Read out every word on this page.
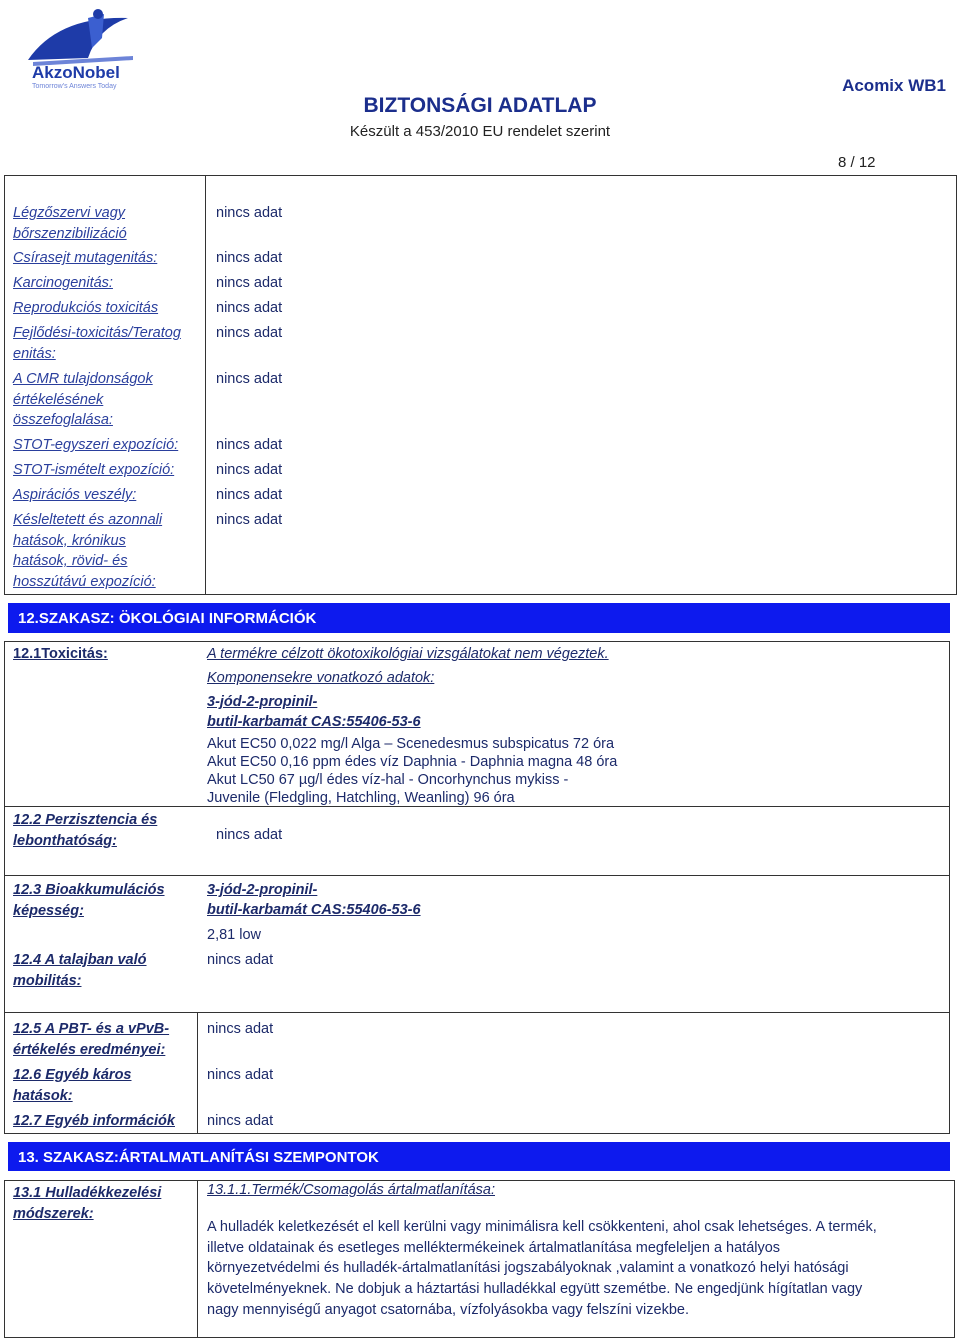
AkzoNobel
Tomorrow's Answers Today
BIZTONSÁGI ADATLAP
Készült a 453/2010 EU rendelet szerint
Acomix WB1
8 / 12
Légzőszervi vagy bőrszenzibilizáció
nincs adat
Csírasejt mutagenitás:	nincs adat
Karcinogenitás:	nincs adat
Reprodukciós toxicitás	nincs adat
Fejlődési-toxicitás/Teratogenitás:
nincs adat
A CMR tulajdonságok értékelésének összefoglalása:
nincs adat
STOT-egyszeri expozíció:	nincs adat
STOT-ismételt expozíció:	nincs adat
Aspirációs veszély:	nincs adat
Késleltetett és azonnali hatások, krónikus hatások, rövid- és hosszútávú expozíció:
nincs adat
12.SZAKASZ: ÖKOLÓGIAI INFORMÁCIÓK
12.1Toxicitás:	A termékre célzott ökotoxikológiai vizsgálatokat nem végeztek.
Komponensekre vonatkozó adatok:
3-jód-2-propinil-
butil-karbamát CAS:55406-53-6
Akut EC50 0,022 mg/l Alga – Scenedesmus subspicatus 72 óra
Akut EC50 0,16 ppm édes víz Daphnia - Daphnia magna 48 óra
Akut LC50 67 µg/l édes víz-hal - Oncorhynchus mykiss -
Juvenile (Fledgling, Hatchling, Weanling) 96 óra
12.2 Perzisztencia és
lebonthatóság:	nincs adat
12.3 Bioakkumulációs
képesség:
3-jód-2-propinil-
butil-karbamát CAS:55406-53-6
2,81 low
12.4 A talajban való
mobilitás:
nincs adat
12.5 A PBT- és a vPvB-
értékelés eredményei:
nincs adat
12.6 Egyéb káros
hatások:
nincs adat
12.7 Egyéb információk nincs adat
13. SZAKASZ:ÁRTALMATLANÍTÁSI SZEMPONTOK
13.1 Hulladékkezelési
módszerek:
13.1.1.Termék/Csomagolás ártalmatlanítása:
A hulladék keletkezését el kell kerülni vagy minimálisra kell csökkenteni, ahol csak lehetséges. A termék,
illetve oldatainak és esetleges melléktermékeinek ártalmatlanítása megfeleljen a hatályos
környezetvédelmi és hulladék-ártalmatlanítási jogszabályoknak ,valamint a vonatkozó helyi hatósági
követelményeknek. Ne dobjuk a háztartási hulladékkal együtt szemétbe. Ne engedjünk hígítatlan vagy
nagy mennyiségű anyagot csatornába, vízfolyásokba vagy felszíni vizekbe.
